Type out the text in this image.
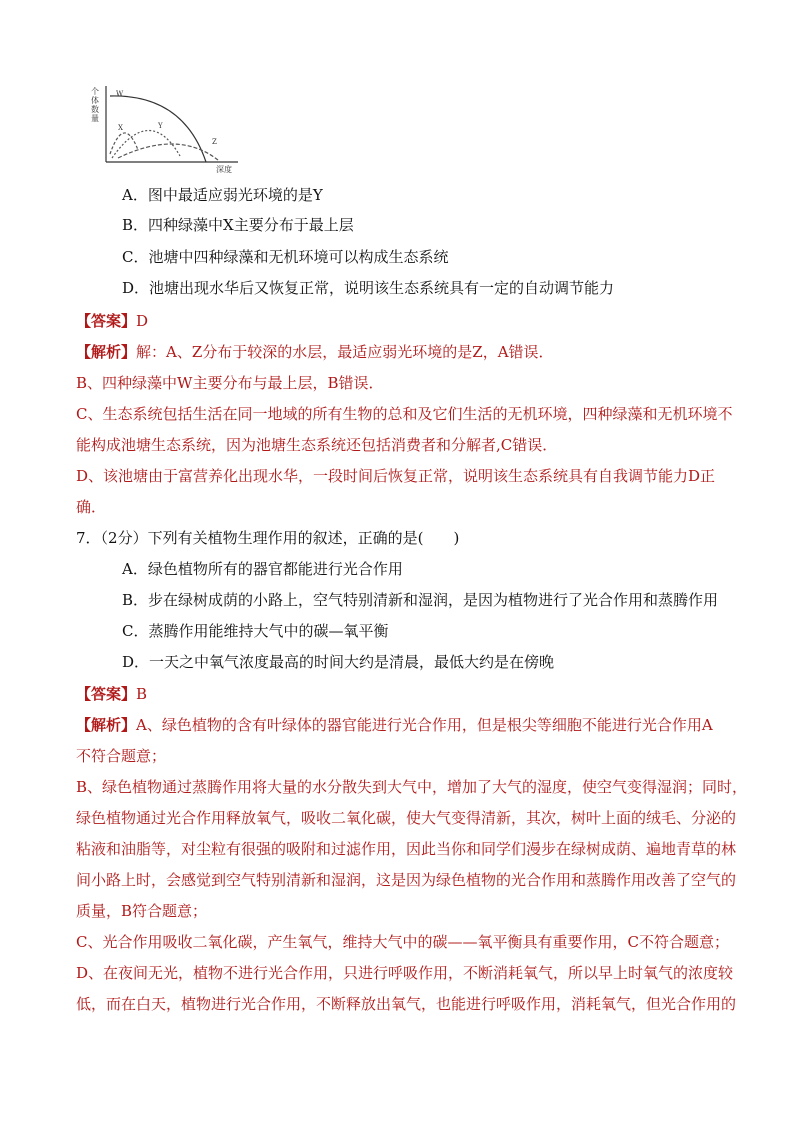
个体数量
W
X	Y
Z
深度
A．图中最适应弱光环境的是Y
B．四种绿藻中X主要分布于最上层
C．池塘中四种绿藻和无机环境可以构成生态系统
D．池塘出现水华后又恢复正常，说明该生态系统具有一定的自动调节能力
【答案】D
【解析】解：A、Z分布于较深的水层，最适应弱光环境的是Z，A错误．
B、四种绿藻中W主要分布与最上层，B错误．
C、生态系统包括生活在同一地域的所有生物的总和及它们生活的无机环境，四种绿藻和无机环境不
能构成池塘生态系统，因为池塘生态系统还包括消费者和分解者,C错误．
D、该池塘由于富营养化出现水华，一段时间后恢复正常，说明该生态系统具有自我调节能力D正
确．
7．（2分）下列有关植物生理作用的叙述，正确的是(　　)
A．绿色植物所有的器官都能进行光合作用
B．步在绿树成荫的小路上，空气特别清新和湿润，是因为植物进行了光合作用和蒸腾作用
C．蒸腾作用能维持大气中的碳—氧平衡
D．一天之中氧气浓度最高的时间大约是清晨，最低大约是在傍晚
【答案】B
【解析】A、绿色植物的含有叶绿体的器官能进行光合作用，但是根尖等细胞不能进行光合作用A
不符合题意；
B、绿色植物通过蒸腾作用将大量的水分散失到大气中，增加了大气的湿度，使空气变得湿润；同时，
绿色植物通过光合作用释放氧气，吸收二氧化碳，使大气变得清新，其次，树叶上面的绒毛、分泌的
粘液和油脂等，对尘粒有很强的吸附和过滤作用，因此当你和同学们漫步在绿树成荫、遍地青草的林
间小路上时，会感觉到空气特别清新和湿润，这是因为绿色植物的光合作用和蒸腾作用改善了空气的
质量，B符合题意；
C、光合作用吸收二氧化碳，产生氧气，维持大气中的碳——氧平衡具有重要作用，C不符合题意；
D、在夜间无光，植物不进行光合作用，只进行呼吸作用，不断消耗氧气，所以早上时氧气的浓度较
低，而在白天，植物进行光合作用，不断释放出氧气，也能进行呼吸作用，消耗氧气，但光合作用的
